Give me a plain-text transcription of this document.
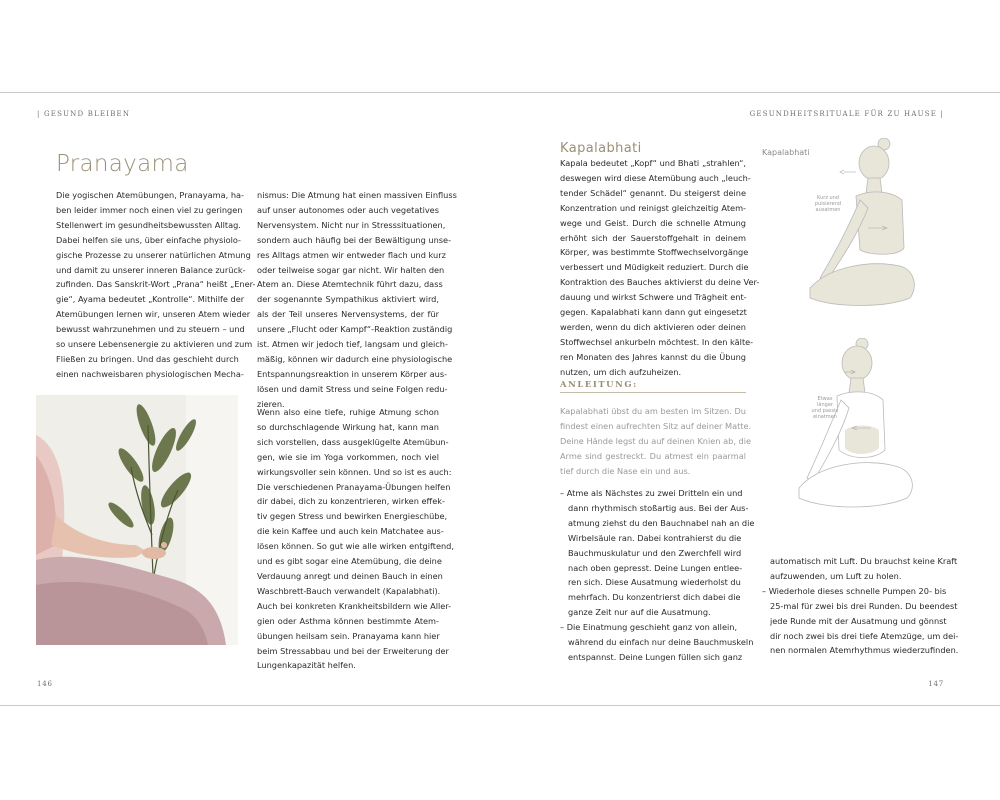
| GESUND BLEIBEN
Pranayama
Die yogischen Atemübungen, Pranayama, ha-
ben leider immer noch einen viel zu geringen
Stellenwert im gesundheitsbewussten Alltag.
Dabei helfen sie uns, über einfache physiolo-
gische Prozesse zu unserer natürlichen Atmung
und damit zu unserer inneren Balance zurück-
zufinden. Das Sanskrit-Wort „Prana“ heißt „Ener-
gie“, Ayama bedeutet „Kontrolle“. Mithilfe der
Atemübungen lernen wir, unseren Atem wieder
bewusst wahrzunehmen und zu steuern – und
so unsere Lebensenergie zu aktivieren und zum
Fließen zu bringen. Und das geschieht durch
einen nachweisbaren physiologischen Mecha-
nismus: Die Atmung hat einen massiven Einfluss
auf unser autonomes oder auch vegetatives
Nervensystem. Nicht nur in Stresssituationen,
sondern auch häufig bei der Bewältigung unse-
res Alltags atmen wir entweder flach und kurz
oder teilweise sogar gar nicht. Wir halten den
Atem an. Diese Atemtechnik führt dazu, dass
der sogenannte Sympathikus aktiviert wird,
als der Teil unseres Nervensystems, der für
unsere „Flucht oder Kampf“-Reaktion zuständig
ist. Atmen wir jedoch tief, langsam und gleich-
mäßig, können wir dadurch eine physiologische
Entspannungsreaktion in unserem Körper aus-
lösen und damit Stress und seine Folgen redu-
zieren.
Wenn also eine tiefe, ruhige Atmung schon
so durchschlagende Wirkung hat, kann man
sich vorstellen, dass ausgeklügelte Atemübun-
gen, wie sie im Yoga vorkommen, noch viel
wirkungsvoller sein können. Und so ist es auch:
Die verschiedenen Pranayama-Übungen helfen
dir dabei, dich zu konzentrieren, wirken effek-
tiv gegen Stress und bewirken Energieschübe,
die kein Kaffee und auch kein Matchatee aus-
lösen können. So gut wie alle wirken entgiftend,
und es gibt sogar eine Atemübung, die deine
Verdauung anregt und deinen Bauch in einen
Waschbrett-Bauch verwandelt (Kapalabhati).
Auch bei konkreten Krankheitsbildern wie Aller-
gien oder Asthma können bestimmte Atem-
übungen heilsam sein. Pranayama kann hier
beim Stressabbau und bei der Erweiterung der
Lungenkapazität helfen.
146
GESUNDHEITSRITUALE FÜR ZU HAUSE |
Kapalabhati
Kapala bedeutet „Kopf“ und Bhati „strahlen“,
deswegen wird diese Atemübung auch „leuch-
tender Schädel“ genannt. Du steigerst deine
Konzentration und reinigst gleichzeitig Atem-
wege und Geist. Durch die schnelle Atmung
erhöht sich der Sauerstoffgehalt in deinem
Körper, was bestimmte Stoffwechselvorgänge
verbessert und Müdigkeit reduziert. Durch die
Kontraktion des Bauches aktivierst du deine Ver-
dauung und wirkst Schwere und Trägheit ent-
gegen. Kapalabhati kann dann gut eingesetzt
werden, wenn du dich aktivieren oder deinen
Stoffwechsel ankurbeln möchtest. In den kälte-
ren Monaten des Jahres kannst du die Übung
nutzen, um dich aufzuheizen.
ANLEITUNG:
Kapalabhati übst du am besten im Sitzen. Du
findest einen aufrechten Sitz auf deiner Matte.
Deine Hände legst du auf deinen Knien ab, die
Arme sind gestreckt. Du atmest ein paarmal
tief durch die Nase ein und aus.
– Atme als Nächstes zu zwei Dritteln ein und
dann rhythmisch stoßartig aus. Bei der Aus-
atmung ziehst du den Bauchnabel nah an die
Wirbelsäule ran. Dabei kontrahierst du die
Bauchmuskulatur und den Zwerchfell wird
nach oben gepresst. Deine Lungen entlee-
ren sich. Diese Ausatmung wiederholst du
mehrfach. Du konzentrierst dich dabei die
ganze Zeit nur auf die Ausatmung.
– Die Einatmung geschieht ganz von allein,
während du einfach nur deine Bauchmuskeln
entspannst. Deine Lungen füllen sich ganz
automatisch mit Luft. Du brauchst keine Kraft
aufzuwenden, um Luft zu holen.
– Wiederhole dieses schnelle Pumpen 20- bis
25-mal für zwei bis drei Runden. Du beendest
jede Runde mit der Ausatmung und gönnst
dir noch zwei bis drei tiefe Atemzüge, um dei-
nen normalen Atemrhythmus wiederzufinden.
Kapalabhati
Kurz und
pulsierend
ausatmen
Etwas länger
und passiv
einatmen
147
